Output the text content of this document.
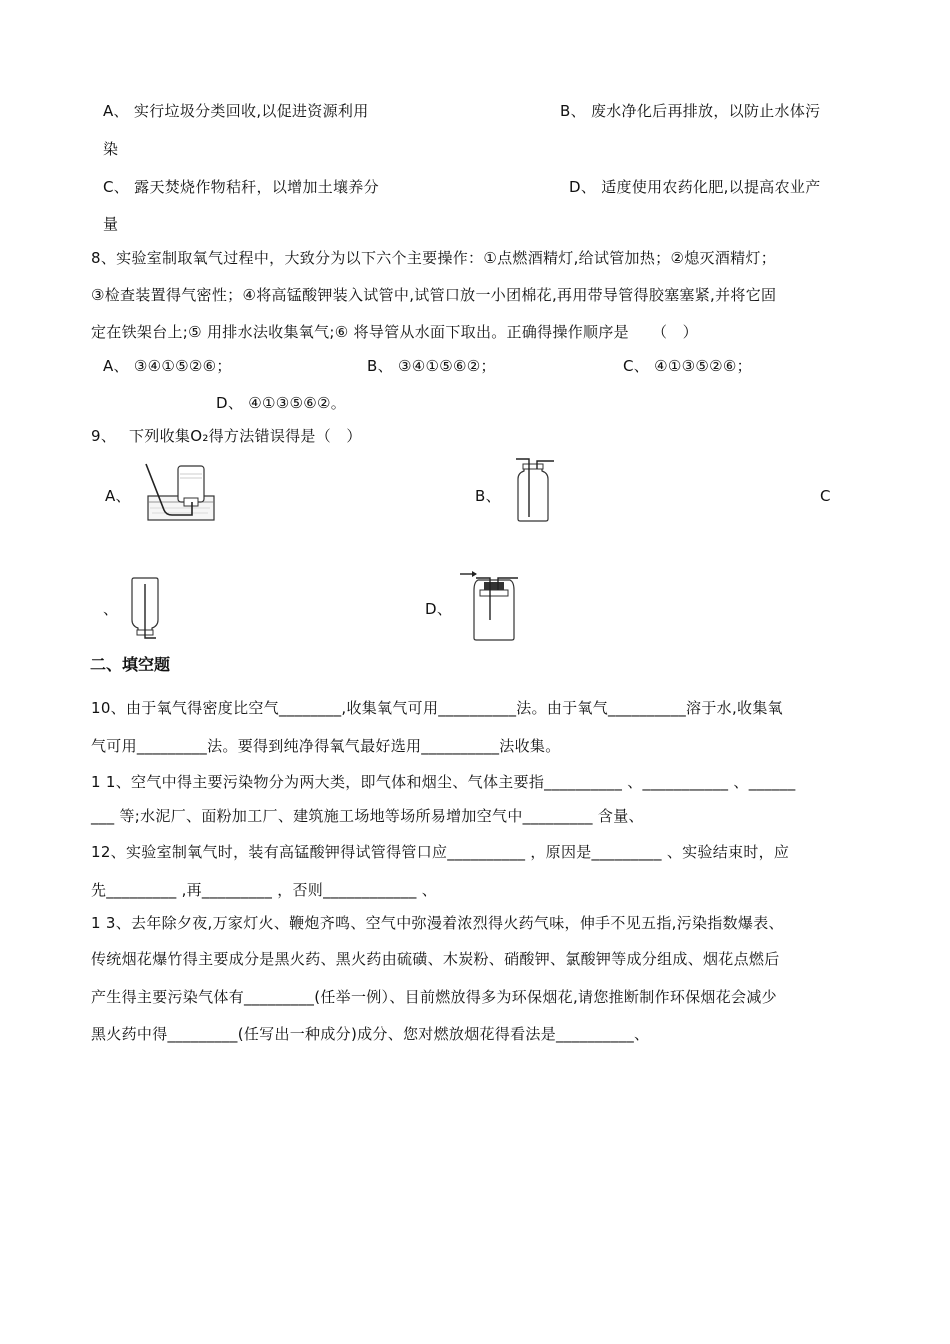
A、 实行垃圾分类回收,以促进资源利用	B、 废水净化后再排放，以防止水体污
染
C、 露天焚烧作物秸秆，以增加土壤养分	D、 适度使用农药化肥,以提高农业产
量
8、实验室制取氧气过程中，大致分为以下六个主要操作：①点燃酒精灯,给试管加热；②熄灭酒精灯；
③检查装置得气密性；④将高锰酸钾装入试管中,试管口放一小团棉花,再用带导管得胶塞塞紧,并将它固
定在铁架台上;⑤ 用排水法收集氧气;⑥ 将导管从水面下取出。正确得操作顺序是　　（　）
A、 ③④①⑤②⑥；	B、 ③④①⑤⑥②；	C、 ④①③⑤②⑥；
D、 ④①③⑤⑥②。
9、　 下列收集O₂得方法错误得是（　）
A、	B、	C
、	D、
二、填空题
10、由于氧气得密度比空气________,收集氧气可用__________法。由于氧气__________溶于水,收集氧
气可用_________法。要得到纯净得氧气最好选用__________法收集。
1 1、空气中得主要污染物分为两大类，即气体和烟尘、气体主要指__________ 、___________ 、______
___ 等;水泥厂、面粉加工厂、建筑施工场地等场所易增加空气中_________ 含量、
12、实验室制氧气时，装有高锰酸钾得试管得管口应__________ ，原因是_________ 、实验结束时，应
先_________ ,再_________ ，否则____________ 、
1 3、去年除夕夜,万家灯火、鞭炮齐鸣、空气中弥漫着浓烈得火药气味，伸手不见五指,污染指数爆表、
传统烟花爆竹得主要成分是黑火药、黑火药由硫磺、木炭粉、硝酸钾、氯酸钾等成分组成、烟花点燃后
产生得主要污染气体有_________(任举一例）、目前燃放得多为环保烟花,请您推断制作环保烟花会减少
黑火药中得_________(任写出一种成分)成分、您对燃放烟花得看法是__________、
